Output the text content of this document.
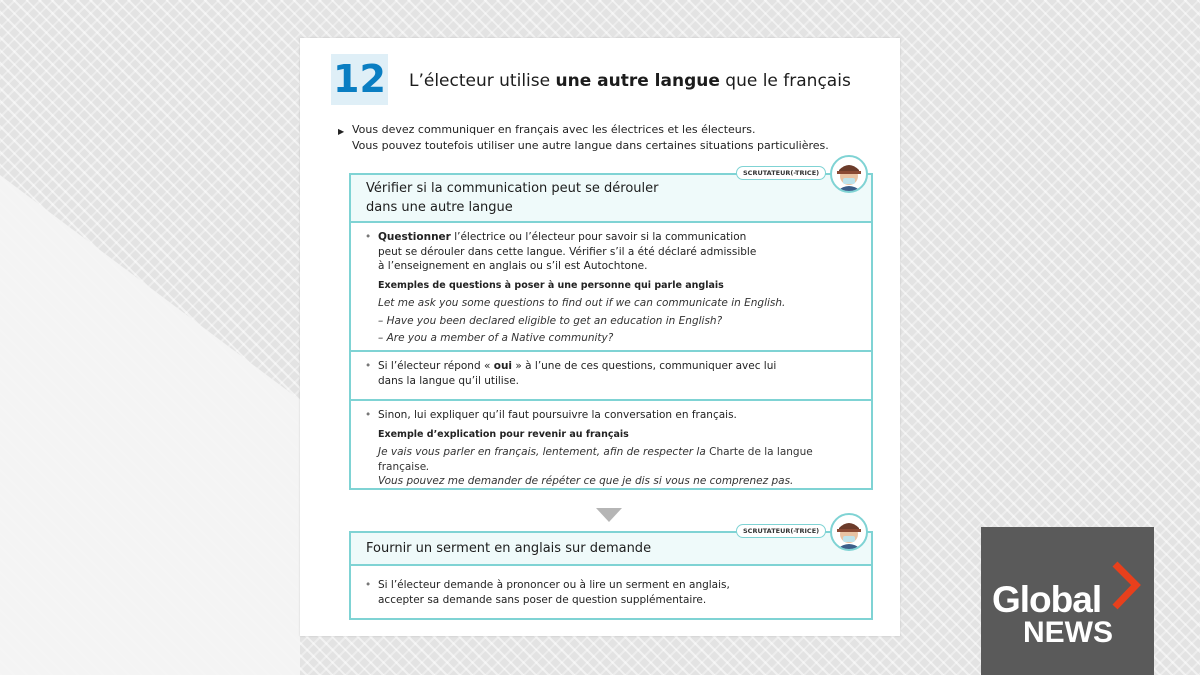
12 L’électeur utilise une autre langue que le français
▶ Vous devez communiquer en français avec les électrices et les électeurs.
Vous pouvez toutefois utiliser une autre langue dans certaines situations particulières.
Vérifier si la communication peut se dérouler
dans une autre langue
• Questionner l’électrice ou l’électeur pour savoir si la communication
peut se dérouler dans cette langue. Vérifier s’il a été déclaré admissible
à l’enseignement en anglais ou s’il est Autochtone.
Exemples de questions à poser à une personne qui parle anglais
Let me ask you some questions to find out if we can communicate in English.
– Have you been declared eligible to get an education in English?
– Are you a member of a Native community?
• Si l’électeur répond « oui » à l’une de ces questions, communiquer avec lui
dans la langue qu’il utilise.
• Sinon, lui expliquer qu’il faut poursuivre la conversation en français.
Exemple d’explication pour revenir au français
Je vais vous parler en français, lentement, afin de respecter la Charte de la langue française.
Vous pouvez me demander de répéter ce que je dis si vous ne comprenez pas.
SCRUTATEUR(-TRICE)
Fournir un serment en anglais sur demande
• Si l’électeur demande à prononcer ou à lire un serment en anglais,
accepter sa demande sans poser de question supplémentaire.
SCRUTATEUR(-TRICE)
Global
NEWS
